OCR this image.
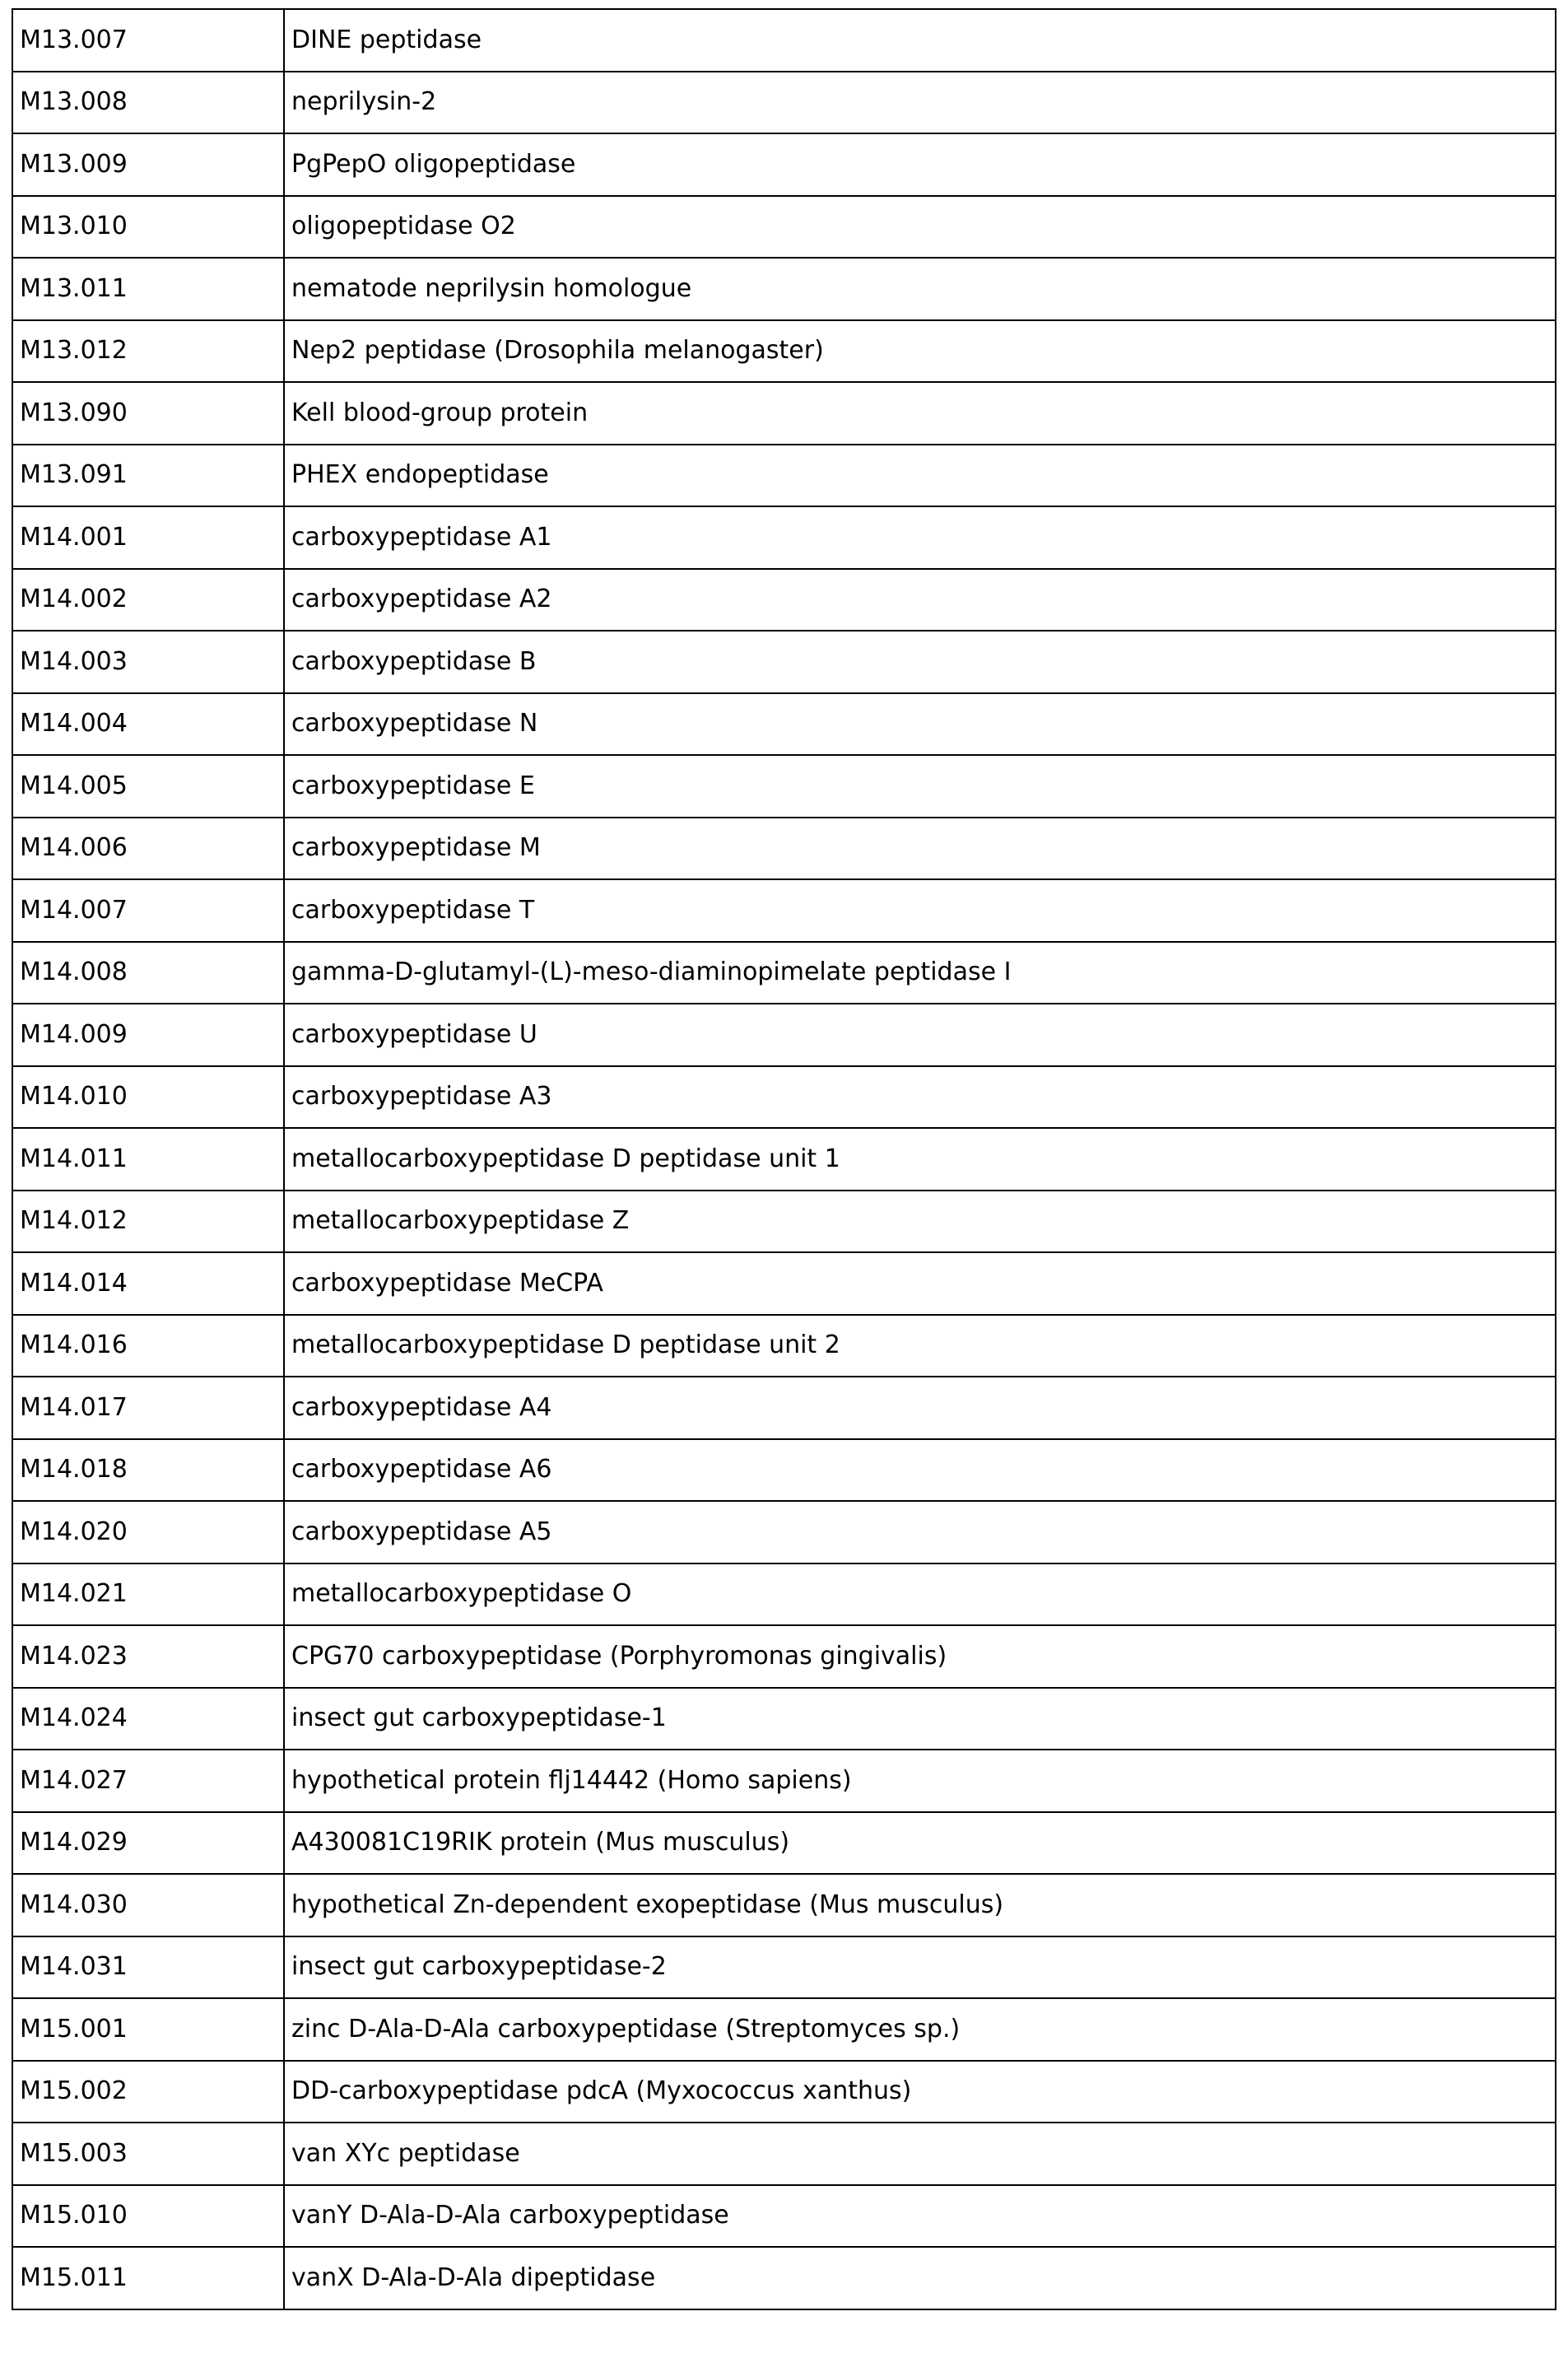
M13.007	DINE peptidase
M13.008	neprilysin-2
M13.009	PgPepO oligopeptidase
M13.010	oligopeptidase O2
M13.011	nematode neprilysin homologue
M13.012	Nep2 peptidase (Drosophila melanogaster)
M13.090	Kell blood-group protein
M13.091	PHEX endopeptidase
M14.001	carboxypeptidase A1
M14.002	carboxypeptidase A2
M14.003	carboxypeptidase B
M14.004	carboxypeptidase N
M14.005	carboxypeptidase E
M14.006	carboxypeptidase M
M14.007	carboxypeptidase T
M14.008	gamma-D-glutamyl-(L)-meso-diaminopimelate peptidase I
M14.009	carboxypeptidase U
M14.010	carboxypeptidase A3
M14.011	metallocarboxypeptidase D peptidase unit 1
M14.012	metallocarboxypeptidase Z
M14.014	carboxypeptidase MeCPA
M14.016	metallocarboxypeptidase D peptidase unit 2
M14.017	carboxypeptidase A4
M14.018	carboxypeptidase A6
M14.020	carboxypeptidase A5
M14.021	metallocarboxypeptidase O
M14.023	CPG70 carboxypeptidase (Porphyromonas gingivalis)
M14.024	insect gut carboxypeptidase-1
M14.027	hypothetical protein flj14442 (Homo sapiens)
M14.029	A430081C19RIK protein (Mus musculus)
M14.030	hypothetical Zn-dependent exopeptidase (Mus musculus)
M14.031	insect gut carboxypeptidase-2
M15.001	zinc D-Ala-D-Ala carboxypeptidase (Streptomyces sp.)
M15.002	DD-carboxypeptidase pdcA (Myxococcus xanthus)
M15.003	van XYc peptidase
M15.010	vanY D-Ala-D-Ala carboxypeptidase
M15.011	vanX D-Ala-D-Ala dipeptidase
